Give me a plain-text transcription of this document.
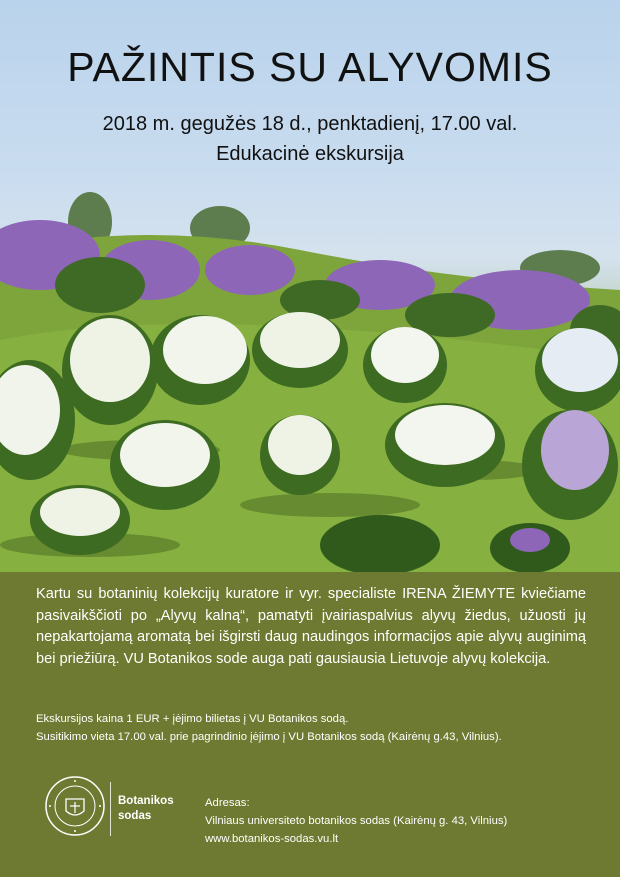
PAŽINTIS SU ALYVOMIS
2018 m. gegužės 18 d., penktadienį, 17.00 val.
Edukacinė ekskursija
Kartu su botaninių kolekcijų kuratore ir vyr. specialiste IRENA ŽIEMYTE kviečiame pasivaikščioti po „Alyvų kalną“, pamatyti įvairiaspalvius alyvų žiedus, užuosti jų nepakartojamą aromatą bei išgirsti daug naudingos informacijos apie alyvų auginimą bei priežiūrą. VU Botanikos sode auga pati gausiausia Lietuvoje alyvų kolekcija.
Ekskursijos kaina 1 EUR + įėjimo bilietas į VU Botanikos sodą.
Susitikimo vieta 17.00 val. prie pagrindinio įėjimo į VU Botanikos sodą (Kairėnų g.43, Vilnius).
Botanikos
sodas
Adresas:
Vilniaus universiteto botanikos sodas (Kairėnų g. 43, Vilnius)
www.botanikos-sodas.vu.lt
